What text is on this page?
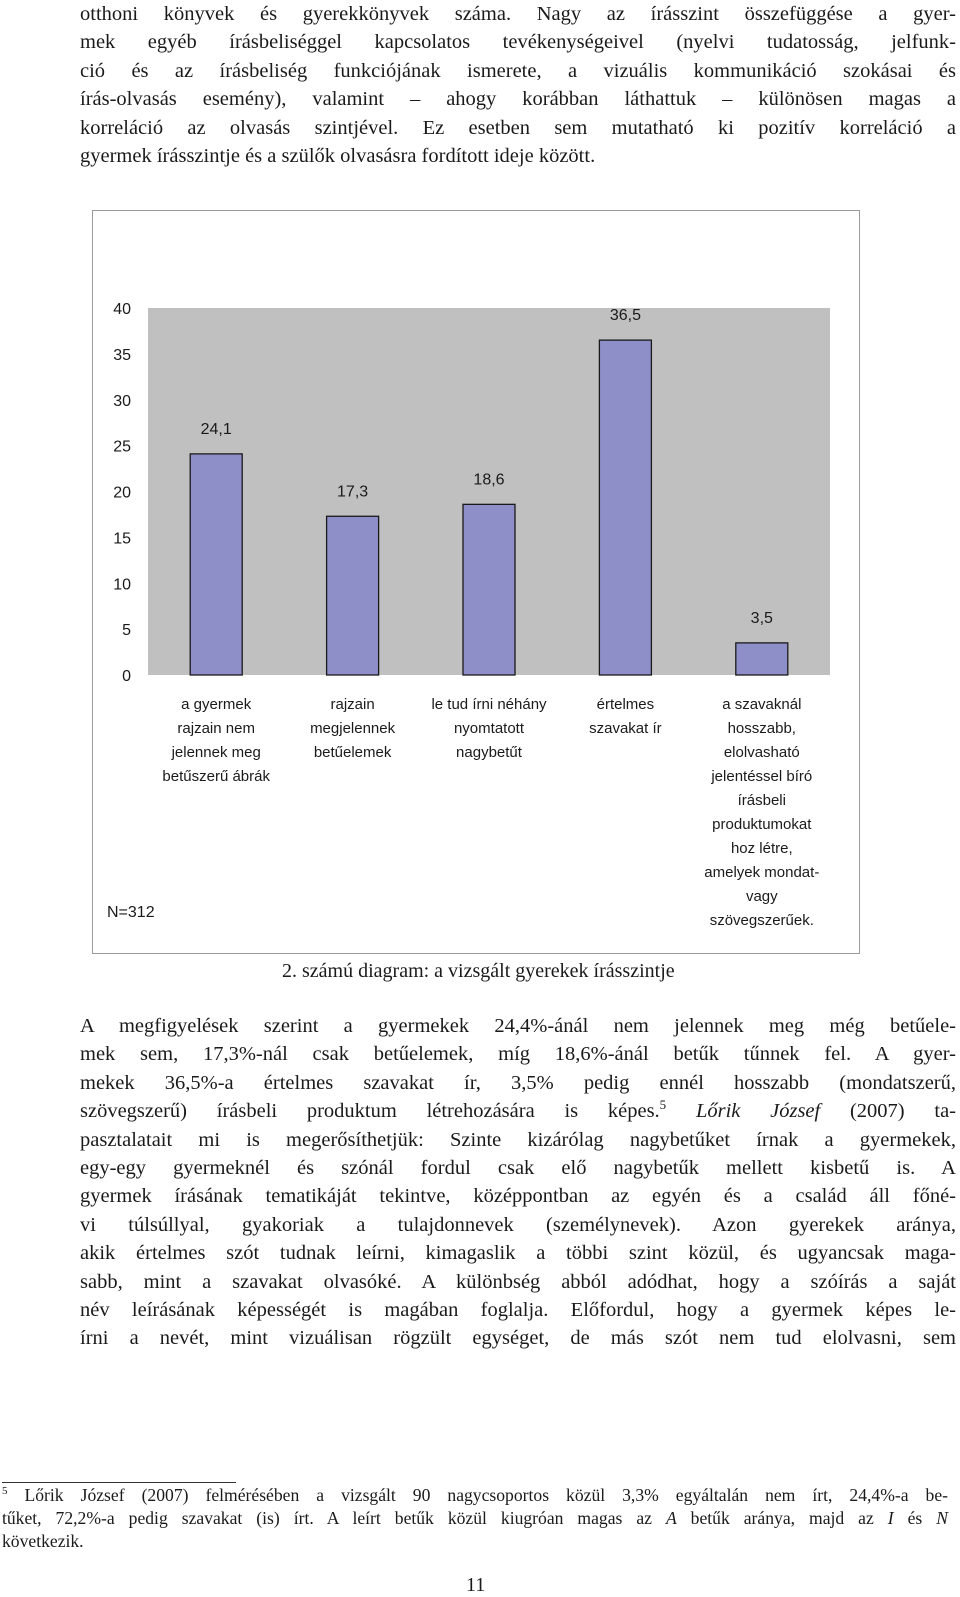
otthoni könyvek és gyerekkönyvek száma. Nagy az írásszint összefüggése a gyer-
mek egyéb írásbeliséggel kapcsolatos tevékenységeivel (nyelvi tudatosság, jelfunk-
ció és az írásbeliség funkciójának ismerete, a vizuális kommunikáció szokásai és
írás-olvasás esemény), valamint – ahogy korábban láthattuk – különösen magas a
korreláció az olvasás szintjével. Ez esetben sem mutatható ki pozitív korreláció a
gyermek írásszintje és a szülők olvasásra fordított ideje között.

0
5
10
15
20
25
30
35
40
24,1
17,3
18,6
36,5
3,5
a gyermek rajzain nem jelennek meg betűszerű ábrák
rajzain megjelennek betűelemek
le tud írni néhány nyomtatott nagybetűt
értelmes szavakat ír
a szavaknál hosszabb, elolvasható jelentéssel bíró írásbeli produktumokat hoz létre, amelyek mondat-vagy szövegszerűek.
N=312
2. számú diagram: a vizsgált gyerekek írásszintje

A megfigyelések szerint a gyermekek 24,4%-ánál nem jelennek meg még betűele-
mek sem, 17,3%-nál csak betűelemek, míg 18,6%-ánál betűk tűnnek fel. A gyer-
mekek 36,5%-a értelmes szavakat ír, 3,5% pedig ennél hosszabb (mondatszerű,
szövegszerű) írásbeli produktum létrehozására is képes.$^5$ Lőrik József (2007) ta-
pasztalatait mi is megerősíthetjük: Szinte kizárólag nagybetűket írnak a gyermekek,
egy-egy gyermeknél és szónál fordul csak elő nagybetűk mellett kisbetű is. A
gyermek írásának tematikáját tekintve, középpontban az egyén és a család áll főné-
vi túlsúllyal, gyakoriak a tulajdonnevek (személynevek). Azon gyerekek aránya,
akik értelmes szót tudnak leírni, kimagaslik a többi szint közül, és ugyancsak maga-
sabb, mint a szavakat olvasóké. A különbség abból adódhat, hogy a szóírás a saját
név leírásának képességét is magában foglalja. Előfordul, hogy a gyermek képes le-
írni a nevét, mint vizuálisan rögzült egységet, de más szót nem tud elolvasni, sem

$^5$ Lőrik József (2007) felmérésében a vizsgált 90 nagycsoportos közül 3,3% egyáltalán nem írt, 24,4%-a be-
tűket, 72,2%-a pedig szavakat (is) írt. A leírt betűk közül kiugróan magas az A betűk aránya, majd az I és N
következik.

11
